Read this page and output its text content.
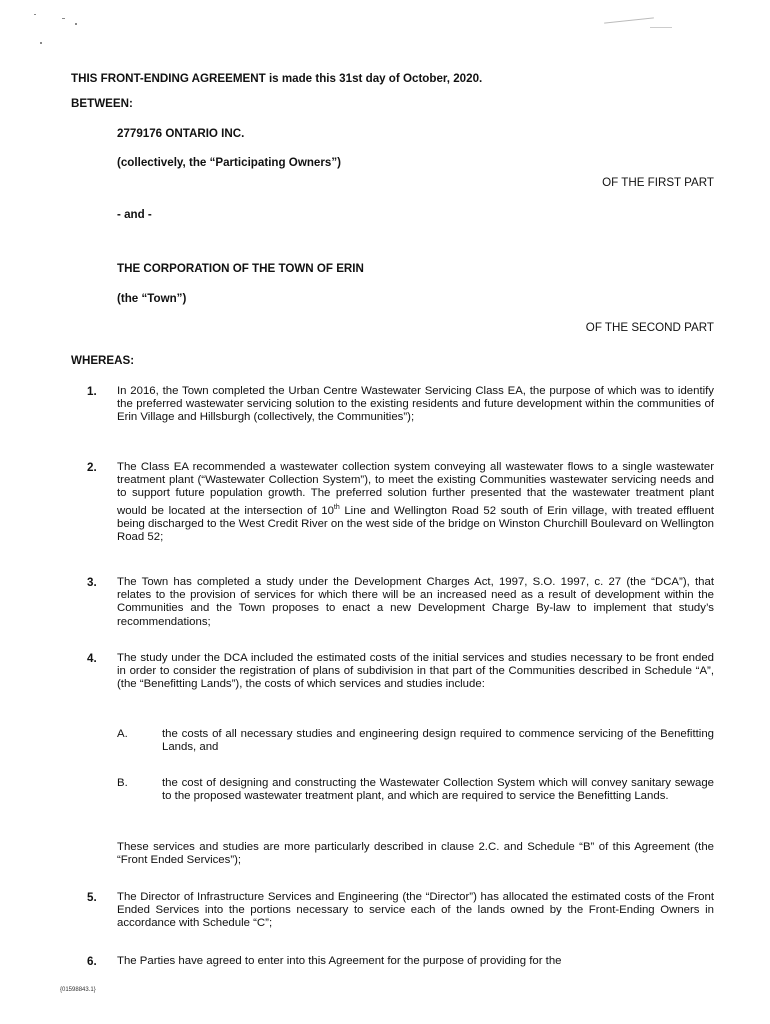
THIS FRONT-ENDING AGREEMENT is made this 31st day of October, 2020.
BETWEEN:
2779176 ONTARIO INC.
(collectively, the “Participating Owners”)
OF THE FIRST PART
- and -
THE CORPORATION OF THE TOWN OF ERIN
(the “Town”)
OF THE SECOND PART
WHEREAS:
1.	In 2016, the Town completed the Urban Centre Wastewater Servicing Class EA, the purpose of which was to identify the preferred wastewater servicing solution to the existing residents and future development within the communities of Erin Village and Hillsburgh (collectively, the Communities”);
2.	The Class EA recommended a wastewater collection system conveying all wastewater flows to a single wastewater treatment plant (“Wastewater Collection System”), to meet the existing Communities wastewater servicing needs and to support future population growth. The preferred solution further presented that the wastewater treatment plant would be located at the intersection of 10th Line and Wellington Road 52 south of Erin village, with treated effluent being discharged to the West Credit River on the west side of the bridge on Winston Churchill Boulevard on Wellington Road 52;
3.	The Town has completed a study under the Development Charges Act, 1997, S.O. 1997, c. 27 (the “DCA”), that relates to the provision of services for which there will be an increased need as a result of development within the Communities and the Town proposes to enact a new Development Charge By-law to implement that study’s recommendations;
4.	The study under the DCA included the estimated costs of the initial services and studies necessary to be front ended in order to consider the registration of plans of subdivision in that part of the Communities described in Schedule “A”, (the “Benefitting Lands”), the costs of which services and studies include:
A.	the costs of all necessary studies and engineering design required to commence servicing of the Benefitting Lands, and
B.	the cost of designing and constructing the Wastewater Collection System which will convey sanitary sewage to the proposed wastewater treatment plant, and which are required to service the Benefitting Lands.
These services and studies are more particularly described in clause 2.C. and Schedule “B” of this Agreement (the “Front Ended Services”);
5.	The Director of Infrastructure Services and Engineering (the “Director”) has allocated the estimated costs of the Front Ended Services into the portions necessary to service each of the lands owned by the Front-Ending Owners in accordance with Schedule “C”;
6.	The Parties have agreed to enter into this Agreement for the purpose of providing for the
{01598843.1}
